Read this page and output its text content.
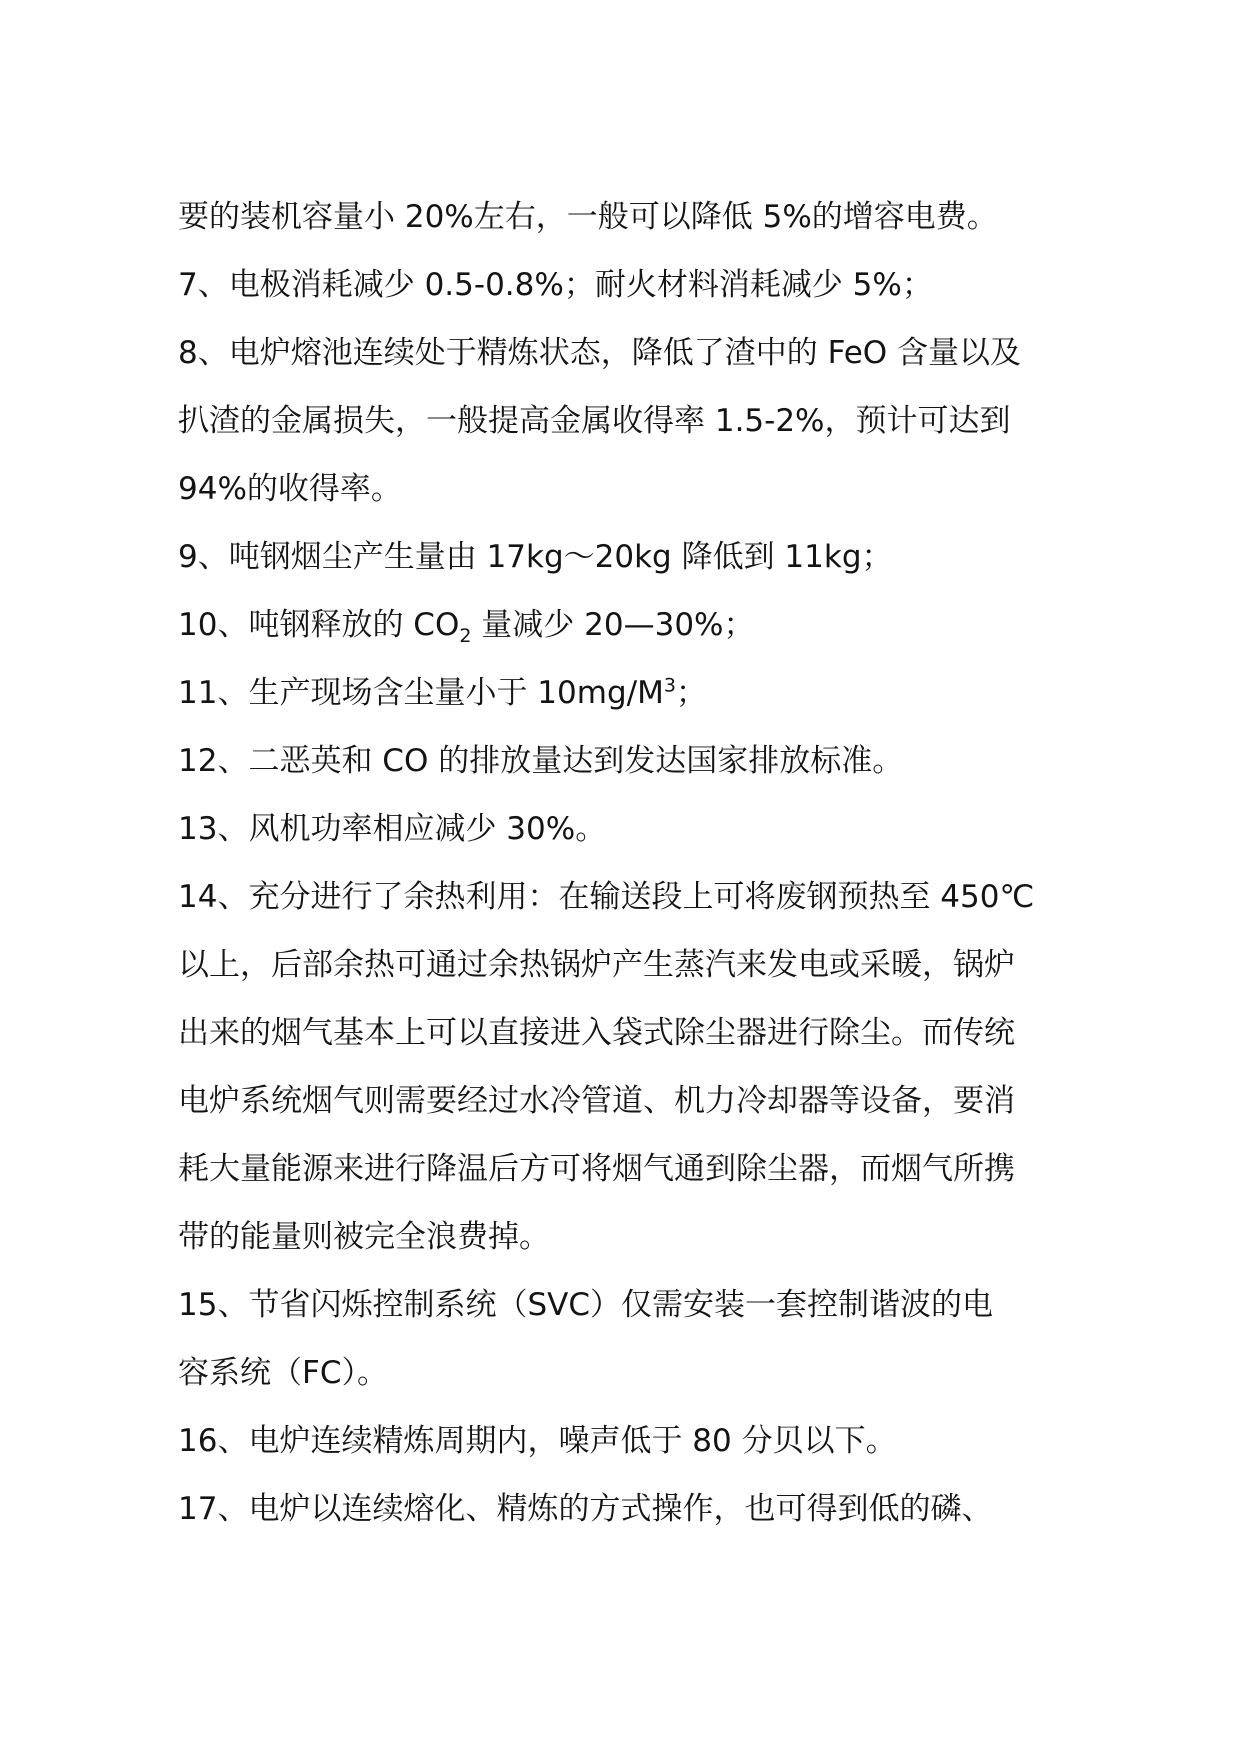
要的装机容量小 20%左右，一般可以降低 5%的增容电费。
7、电极消耗减少 0.5-0.8%；耐火材料消耗减少 5%；
8、电炉熔池连续处于精炼状态，降低了渣中的 FeO 含量以及
扒渣的金属损失，一般提高金属收得率 1.5-2%，预计可达到
94%的收得率。
9、吨钢烟尘产生量由 17kg～20kg 降低到 11kg；
10、吨钢释放的 $CO_2$ 量减少 20—30%；
11、生产现场含尘量小于 $10mg/M^3$；
12、二恶英和 CO 的排放量达到发达国家排放标准。
13、风机功率相应减少 30%。
14、充分进行了余热利用：在输送段上可将废钢预热至 450℃
以上，后部余热可通过余热锅炉产生蒸汽来发电或采暖，锅炉
出来的烟气基本上可以直接进入袋式除尘器进行除尘。而传统
电炉系统烟气则需要经过水冷管道、机力冷却器等设备，要消
耗大量能源来进行降温后方可将烟气通到除尘器，而烟气所携
带的能量则被完全浪费掉。
15、节省闪烁控制系统（SVC）仅需安装一套控制谐波的电
容系统（FC）。
16、电炉连续精炼周期内，噪声低于 80 分贝以下。
17、电炉以连续熔化、精炼的方式操作，也可得到低的磷、
